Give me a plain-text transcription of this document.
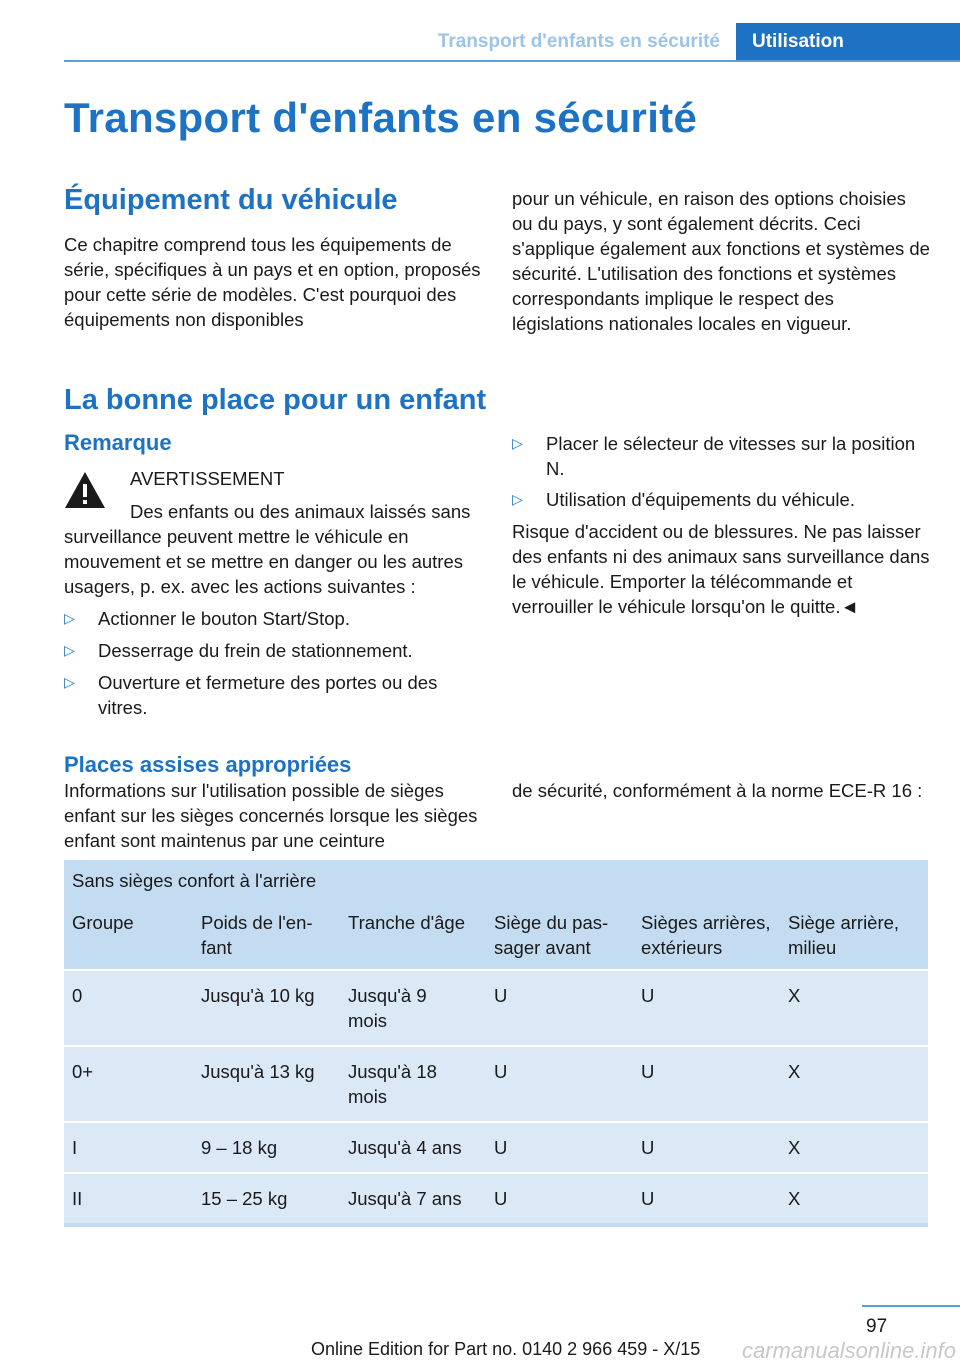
Transport d'enfants en sécurité	Utilisation
Transport d'enfants en sécurité
Équipement du véhicule

Ce chapitre comprend tous les équipements de série, spécifiques à un pays et en option, proposés pour cette série de modèles. C'est pourquoi des équipements non disponibles

pour un véhicule, en raison des options choisies ou du pays, y sont également décrits. Ceci s'applique également aux fonctions et systèmes de sécurité. L'utilisation des fonctions et systèmes correspondants implique le respect des législations nationales locales en vigueur.

La bonne place pour un enfant
Remarque
AVERTISSEMENT

Des enfants ou des animaux laissés sans

surveillance peuvent mettre le véhicule en mouvement et se mettre en danger ou les autres usagers, p. ex. avec les actions suivantes :

▷ Actionner le bouton Start/Stop.
▷ Desserrage du frein de stationnement.
▷ Ouverture et fermeture des portes ou des vitres.
▷ Placer le sélecteur de vitesses sur la position N.
▷ Utilisation d'équipements du véhicule.

Risque d'accident ou de blessures. Ne pas laisser des enfants ni des animaux sans surveillance dans le véhicule. Emporter la télécommande et verrouiller le véhicule lorsqu'on le quitte.◄

Places assises appropriées

Informations sur l'utilisation possible de sièges enfant sur les sièges concernés lorsque les sièges enfant sont maintenus par une ceinture

de sécurité, conformément à la norme ECE-R 16 :

Sans sièges confort à l'arrière					
Groupe	Poids de l'enfant	Tranche d'âge	Siège du passager avant	Sièges arrières, extérieurs	Siège arrière, milieu
0	Jusqu'à 10 kg	Jusqu'à 9 mois	U	U	X
0+	Jusqu'à 13 kg	Jusqu'à 18 mois	U	U	X
I	9 – 18 kg	Jusqu'à 4 ans	U	U	X
II	15 – 25 kg	Jusqu'à 7 ans	U	U	X
97
Online Edition for Part no. 0140 2 966 459 - X/15 carmanualsonline.info
